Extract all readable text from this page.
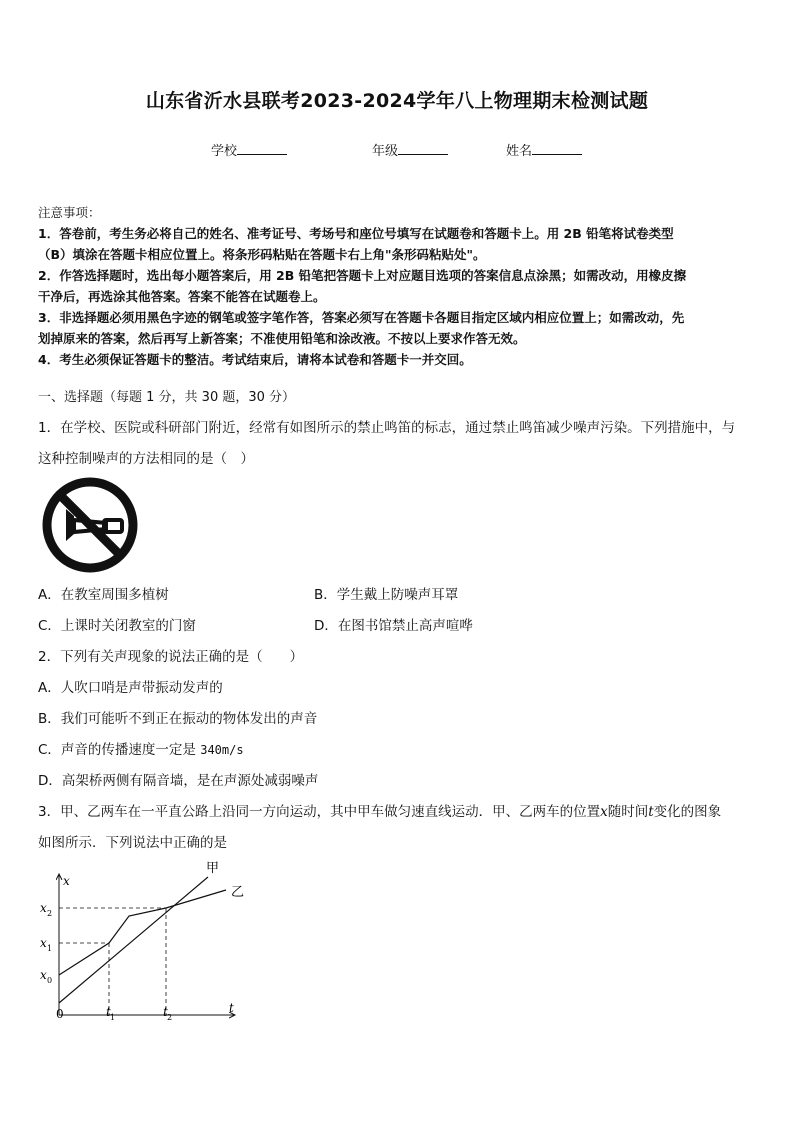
山东省沂水县联考2023-2024学年八上物理期末检测试题
学校	年级	姓名
注意事项：
1．答卷前，考生务必将自己的姓名、准考证号、考场号和座位号填写在试题卷和答题卡上。用 2B 铅笔将试卷类型
（B）填涂在答题卡相应位置上。将条形码粘贴在答题卡右上角"条形码粘贴处"。
2．作答选择题时，选出每小题答案后，用 2B 铅笔把答题卡上对应题目选项的答案信息点涂黑；如需改动，用橡皮擦
干净后，再选涂其他答案。答案不能答在试题卷上。
3．非选择题必须用黑色字迹的钢笔或签字笔作答，答案必须写在答题卡各题目指定区域内相应位置上；如需改动，先
划掉原来的答案，然后再写上新答案；不准使用铅笔和涂改液。不按以上要求作答无效。
4．考生必须保证答题卡的整洁。考试结束后，请将本试卷和答题卡一并交回。
一、选择题（每题 1 分，共 30 题，30 分）
1．在学校、医院或科研部门附近，经常有如图所示的禁止鸣笛的标志，通过禁止鸣笛减少噪声污染。下列措施中，与
这种控制噪声的方法相同的是（　）
A．在教室周围多植树	B．学生戴上防噪声耳罩
C．上课时关闭教室的门窗	D．在图书馆禁止高声喧哗
2．下列有关声现象的说法正确的是（　　）
A．人吹口哨是声带振动发声的
B．我们可能听不到正在振动的物体发出的声音
C．声音的传播速度一定是 340m/s
D．高架桥两侧有隔音墙，是在声源处减弱噪声
3．甲、乙两车在一平直公路上沿同一方向运动，其中甲车做匀速直线运动．甲、乙两车的位置x随时间t变化的图象
如图所示．下列说法中正确的是
x
t
0
x 0
x 1
x 2
t 1	t 2
甲
乙
